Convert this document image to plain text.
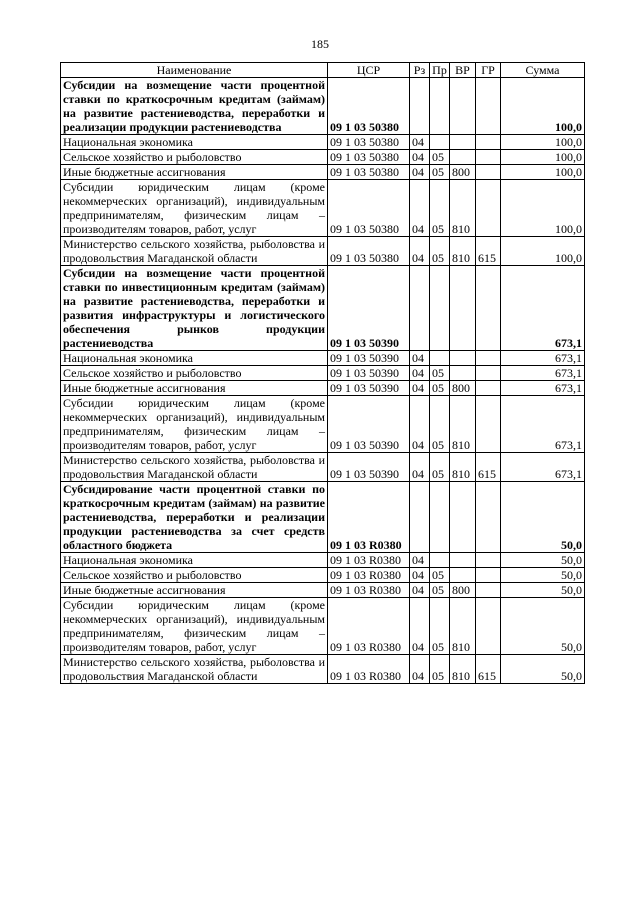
185
Наименование	ЦСР	Рз	Пр	ВР	ГР	Сумма
Субсидии на возмещение части процентной ставки по краткосрочным кредитам (займам) на развитие растениеводства, переработки и реализации продукции растениеводства	09 1 03 50380					100,0
Национальная экономика	09 1 03 50380	04				100,0
Сельское хозяйство и рыболовство	09 1 03 50380	04	05			100,0
Иные бюджетные ассигнования	09 1 03 50380	04	05	800		100,0
Субсидии юридическим лицам (кроме некоммерческих организаций), индивидуальным предпринимателям, физическим лицам – производителям товаров, работ, услуг	09 1 03 50380	04	05	810		100,0
Министерство сельского хозяйства, рыболовства и продовольствия Магаданской области	09 1 03 50380	04	05	810	615	100,0
Субсидии на возмещение части процентной ставки по инвестиционным кредитам (займам) на развитие растениеводства, переработки и развития инфраструктуры и логистического обеспечения рынков продукции растениеводства	09 1 03 50390					673,1
Национальная экономика	09 1 03 50390	04				673,1
Сельское хозяйство и рыболовство	09 1 03 50390	04	05			673,1
Иные бюджетные ассигнования	09 1 03 50390	04	05	800		673,1
Субсидии юридическим лицам (кроме некоммерческих организаций), индивидуальным предпринимателям, физическим лицам – производителям товаров, работ, услуг	09 1 03 50390	04	05	810		673,1
Министерство сельского хозяйства, рыболовства и продовольствия Магаданской области	09 1 03 50390	04	05	810	615	673,1
Субсидирование части процентной ставки по краткосрочным кредитам (займам) на развитие растениеводства, переработки и реализации продукции растениеводства за счет средств областного бюджета	09 1 03 R0380					50,0
Национальная экономика	09 1 03 R0380	04				50,0
Сельское хозяйство и рыболовство	09 1 03 R0380	04	05			50,0
Иные бюджетные ассигнования	09 1 03 R0380	04	05	800		50,0
Субсидии юридическим лицам (кроме некоммерческих организаций), индивидуальным предпринимателям, физическим лицам – производителям товаров, работ, услуг	09 1 03 R0380	04	05	810		50,0
Министерство сельского хозяйства, рыболовства и продовольствия Магаданской области	09 1 03 R0380	04	05	810	615	50,0
